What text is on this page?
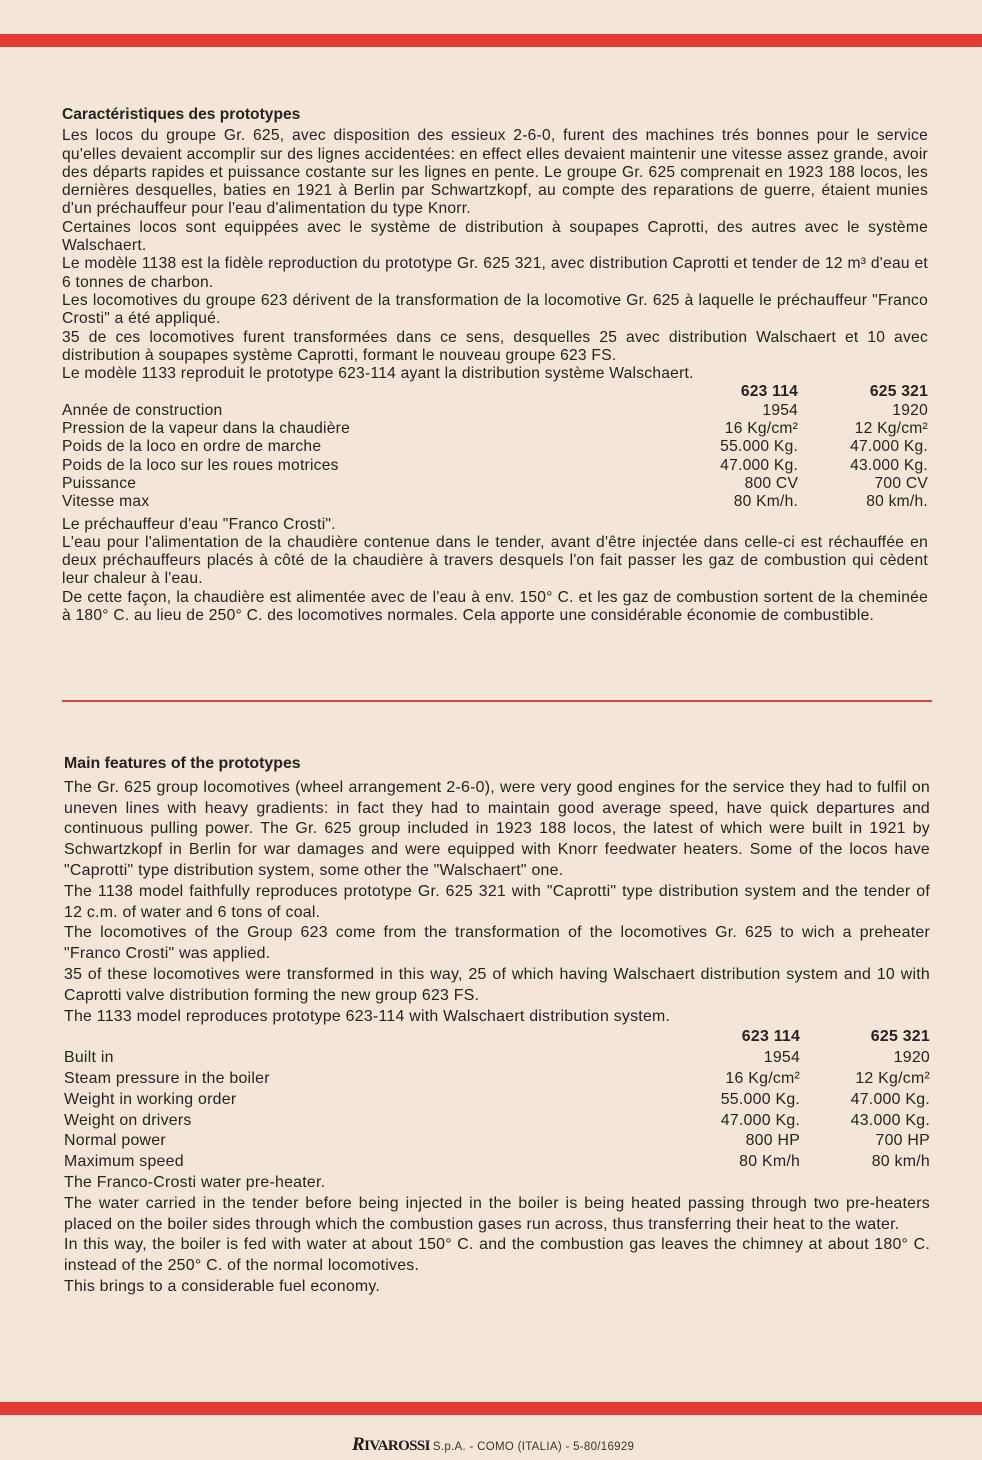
Caractéristiques des prototypes

Les locos du groupe Gr. 625, avec disposition des essieux 2-6-0, furent des machines trés bonnes pour le service qu'elles devaient accomplir sur des lignes accidentées: en effect elles devaient maintenir une vitesse assez grande, avoir des départs rapides et puissance costante sur les lignes en pente. Le groupe Gr. 625 comprenait en 1923 188 locos, les dernières desquelles, baties en 1921 à Berlin par Schwartzkopf, au compte des reparations de guerre, étaient munies d'un préchauffeur pour l'eau d'alimentation du type Knorr.

Certaines locos sont equippées avec le système de distribution à soupapes Caprotti, des autres avec le système Walschaert.

Le modèle 1138 est la fidèle reproduction du prototype Gr. 625 321, avec distribution Caprotti et tender de 12 m³ d'eau et 6 tonnes de charbon.

Les locomotives du groupe 623 dérivent de la transformation de la locomotive Gr. 625 à laquelle le préchauffeur "Franco Crosti" a été appliqué.

35 de ces locomotives furent transformées dans ce sens, desquelles 25 avec distribution Walschaert et 10 avec distribution à soupapes système Caprotti, formant le nouveau groupe 623 FS.

Le modèle 1133 reproduit le prototype 623-114 ayant la distribution système Walschaert.

	623 114	625 321
Année de construction	1954	1920
Pression de la vapeur dans la chaudière	16 Kg/cm²	12 Kg/cm²
Poids de la loco en ordre de marche	55.000 Kg.	47.000 Kg.
Poids de la loco sur les roues motrices	47.000 Kg.	43.000 Kg.
Puissance	800 CV	700 CV
Vitesse max	80 Km/h.	80 km/h.

Le préchauffeur d'eau "Franco Crosti".

L'eau pour l'alimentation de la chaudière contenue dans le tender, avant d'être injectée dans celle-ci est réchauffée en deux préchauffeurs placés à côté de la chaudière à travers desquels l'on fait passer les gaz de combustion qui cèdent leur chaleur à l'eau.

De cette façon, la chaudière est alimentée avec de l'eau à env. 150° C. et les gaz de combustion sortent de la cheminée à 180° C. au lieu de 250° C. des locomotives normales. Cela apporte une considérable économie de combustible.

Main features of the prototypes

The Gr. 625 group locomotives (wheel arrangement 2-6-0), were very good engines for the service they had to fulfil on uneven lines with heavy gradients: in fact they had to maintain good average speed, have quick departures and continuous pulling power. The Gr. 625 group included in 1923 188 locos, the latest of which were built in 1921 by Schwartzkopf in Berlin for war damages and were equipped with Knorr feedwater heaters. Some of the locos have "Caprotti" type distribution system, some other the "Walschaert" one.

The 1138 model faithfully reproduces prototype Gr. 625 321 with "Caprotti" type distribution system and the tender of 12 c.m. of water and 6 tons of coal.

The locomotives of the Group 623 come from the transformation of the locomotives Gr. 625 to wich a preheater "Franco Crosti" was applied.

35 of these locomotives were transformed in this way, 25 of which having Walschaert distribution system and 10 with Caprotti valve distribution forming the new group 623 FS.

The 1133 model reproduces prototype 623-114 with Walschaert distribution system.

	623 114	625 321
Built in	1954	1920
Steam pressure in the boiler	16 Kg/cm²	12 Kg/cm²
Weight in working order	55.000 Kg.	47.000 Kg.
Weight on drivers	47.000 Kg.	43.000 Kg.
Normal power	800 HP	700 HP
Maximum speed	80 Km/h	80 km/h

The Franco-Crosti water pre-heater.

The water carried in the tender before being injected in the boiler is being heated passing through two pre-heaters placed on the boiler sides through which the combustion gases run across, thus transferring their heat to the water.

In this way, the boiler is fed with water at about 150° C. and the combustion gas leaves the chimney at about 180° C. instead of the 250° C. of the normal locomotives.

This brings to a considerable fuel economy.

RIVAROSSI S.p.A. - COMO (ITALIA) - 5-80/16929
